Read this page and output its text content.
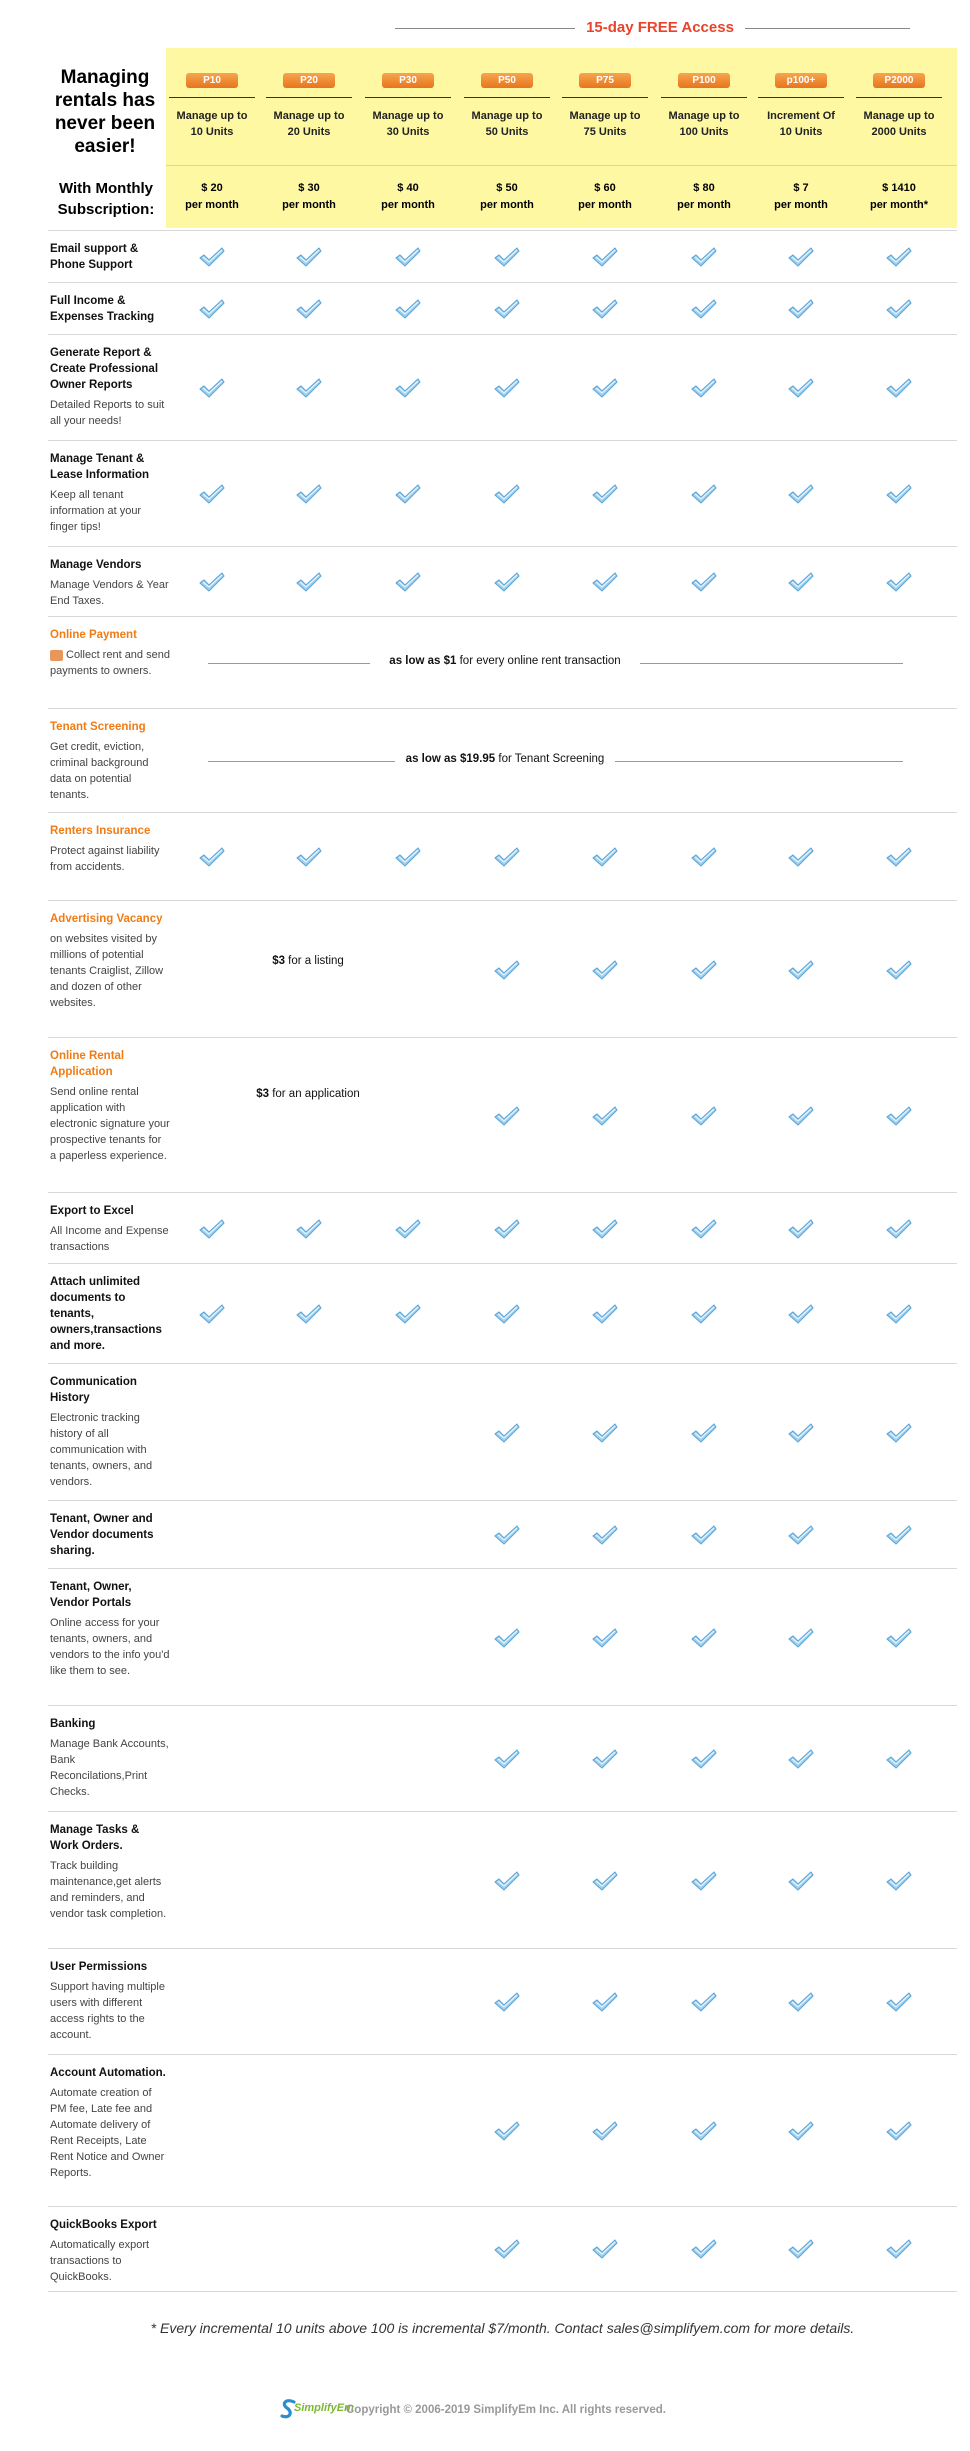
15-day FREE Access
Managing
rentals has
never been
easier!
With Monthly
Subscription:
P10
Manage up to
10 Units
$ 20
per month
P20
Manage up to
20 Units
$ 30
per month
P30
Manage up to
30 Units
$ 40
per month
P50
Manage up to
50 Units
$ 50
per month
P75
Manage up to
75 Units
$ 60
per month
P100
Manage up to
100 Units
$ 80
per month
p100+
Increment Of
10 Units
$ 7
per month
P2000
Manage up to
2000 Units
$ 1410
per month*
Email support & Phone Support
Full Income & Expenses Tracking
Generate Report & Create Professional Owner Reports
Detailed Reports to suit all your needs!
Manage Tenant & Lease Information
Keep all tenant information at your finger tips!
Manage Vendors
Manage Vendors & Year End Taxes.
Online Payment
Collect rent and send payments to owners.
as low as $1 for every online rent transaction
Tenant Screening
Get credit, eviction, criminal background data on potential tenants.
as low as $19.95 for Tenant Screening
Renters Insurance
Protect against liability from accidents.
Advertising Vacancy
on websites visited by millions of potential tenants Craiglist, Zillow and dozen of other websites.
$3 for a listing
Online Rental Application
Send online rental application with electronic signature your prospective tenants for a paperless experience.
$3 for an application
Export to Excel
All Income and Expense transactions
Attach unlimited documents to tenants, owners,transactions and more.
Communication History
Electronic tracking history of all communication with tenants, owners, and vendors.
Tenant, Owner and Vendor documents sharing.
Tenant, Owner, Vendor Portals
Online access for your tenants, owners, and vendors to the info you'd like them to see.
Banking
Manage Bank Accounts, Bank Reconcilations,Print Checks.
Manage Tasks & Work Orders.
Track building maintenance,get alerts and reminders, and vendor task completion.
User Permissions
Support having multiple users with different access rights to the account.
Account Automation.
Automate creation of PM fee, Late fee and Automate delivery of Rent Receipts, Late Rent Notice and Owner Reports.
QuickBooks Export
Automatically export transactions to QuickBooks.
* Every incremental 10 units above 100 is incremental $7/month. Contact sales@simplifyem.com for more details.
SimplifyEm
Copyright © 2006-2019 SimplifyEm Inc. All rights reserved.
